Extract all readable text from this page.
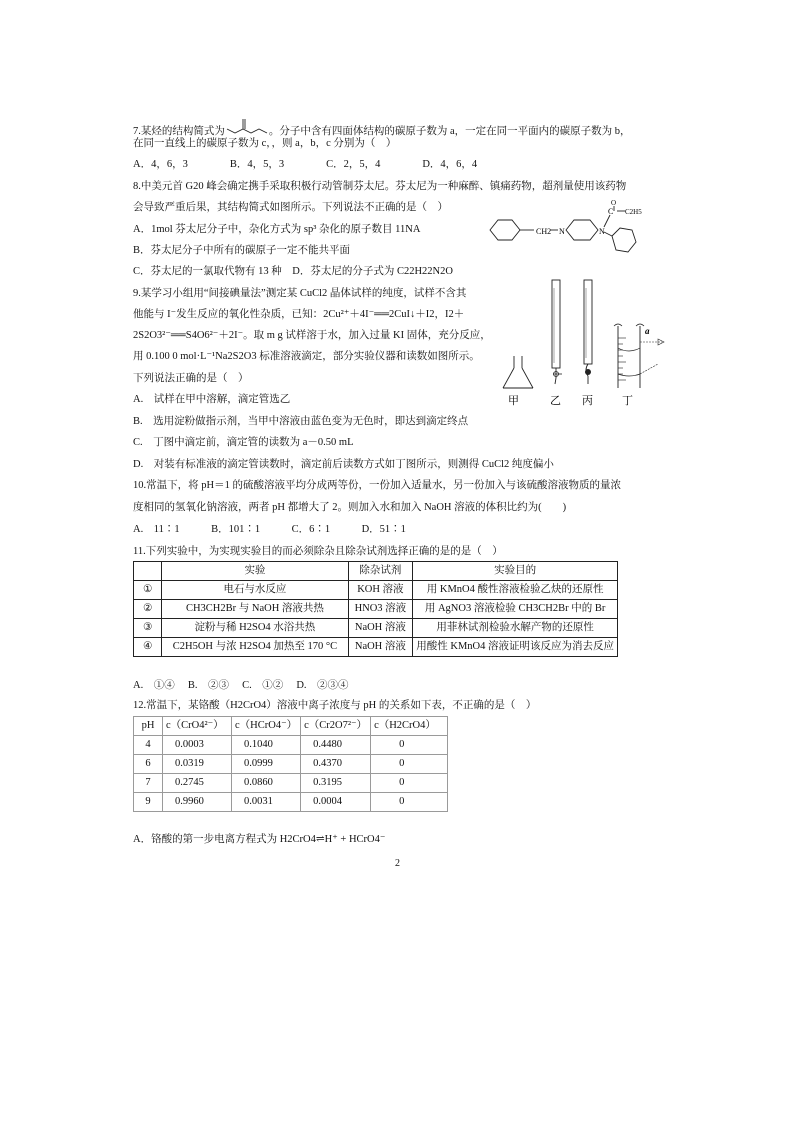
7.某烃的结构简式为	。分子中含有四面体结构的碳原子数为 a，一定在同一平面内的碳原子数为 b，
在同一直线上的碳原子数为 c，，则 a，b，c 分别为（　）
A．4，6，3　　　　B．4，5，3　　　　C．2，5，4　　　　D．4，6，4
8.中美元首 G20 峰会确定携手采取积极行动管制芬太尼。芬太尼为一种麻醉、镇痛药物，超剂量使用该药物
会导致严重后果，其结构简式如图所示。下列说法不正确的是（　）
A．1mol 芬太尼分子中，杂化方式为 sp³ 杂化的原子数目 11NA
B．芬太尼分子中所有的碳原子一定不能共平面
C．芬太尼的一氯取代物有 13 种　D．芬太尼的分子式为 C22H22N2O
CH2 N	N
C
O
C2H5
9.某学习小组用“间接碘量法”测定某 CuCl2 晶体试样的纯度，试样不含其
他能与 I⁻发生反应的氧化性杂质，已知：2Cu²⁺＋4I⁻══2CuI↓＋I2，I2＋
2S2O3²⁻══S4O6²⁻＋2I⁻。取 m g 试样溶于水，加入过量 KI 固体，充分反应，
用 0.100 0 mol·L⁻¹Na2S2O3 标准溶液滴定，部分实验仪器和读数如图所示。
下列说法正确的是（　）
A.　试样在甲中溶解，滴定管选乙
B.　选用淀粉做指示剂，当甲中溶液由蓝色变为无色时，即达到滴定终点
C.　丁图中滴定前，滴定管的读数为 a－0.50 mL
D.　对装有标准液的滴定管读数时，滴定前后读数方式如丁图所示，则测得 CuCl2 纯度偏小
a
甲	乙 丙	丁
10.常温下，将 pH＝1 的硫酸溶液平均分成两等份，一份加入适量水，另一份加入与该硫酸溶液物质的量浓
度相同的氢氧化钠溶液，两者 pH 都增大了 2。则加入水和加入 NaOH 溶液的体积比约为(　　)
A.　11∶1　　　B．101∶1　　　C．6∶1　　　D．51∶1
11.下列实验中，为实现实验目的而必须除杂且除杂试剂选择正确的是的是（　）
	实验	除杂试剂	实验目的
①	电石与水反应	KOH 溶液	用 KMnO4 酸性溶液检验乙炔的还原性
②	CH3CH2Br 与 NaOH 溶液共热	HNO3 溶液	用 AgNO3 溶液检验 CH3CH2Br 中的 Br
③	淀粉与稀 H2SO4 水浴共热	NaOH 溶液	用菲林试剂检验水解产物的还原性
④	C2H5OH 与浓 H2SO4 加热至 170 °C	NaOH 溶液	用酸性 KMnO4 溶液证明该反应为消去反应
A.　①④　 B.　②③　 C.　①②　 D.　②③④
12.常温下，某铬酸（H2CrO4）溶液中离子浓度与 pH 的关系如下表，不正确的是（　）
pH	c（CrO4²⁻）	c（HCrO4⁻）	c（Cr2O7²⁻）	c（H2CrO4）
4	0.0003	0.1040	0.4480	0
6	0.0319	0.0999	0.4370	0
7	0.2745	0.0860	0.3195	0
9	0.9960	0.0031	0.0004	0
A．铬酸的第一步电离方程式为 H2CrO4⇌H⁺ + HCrO4⁻
2
